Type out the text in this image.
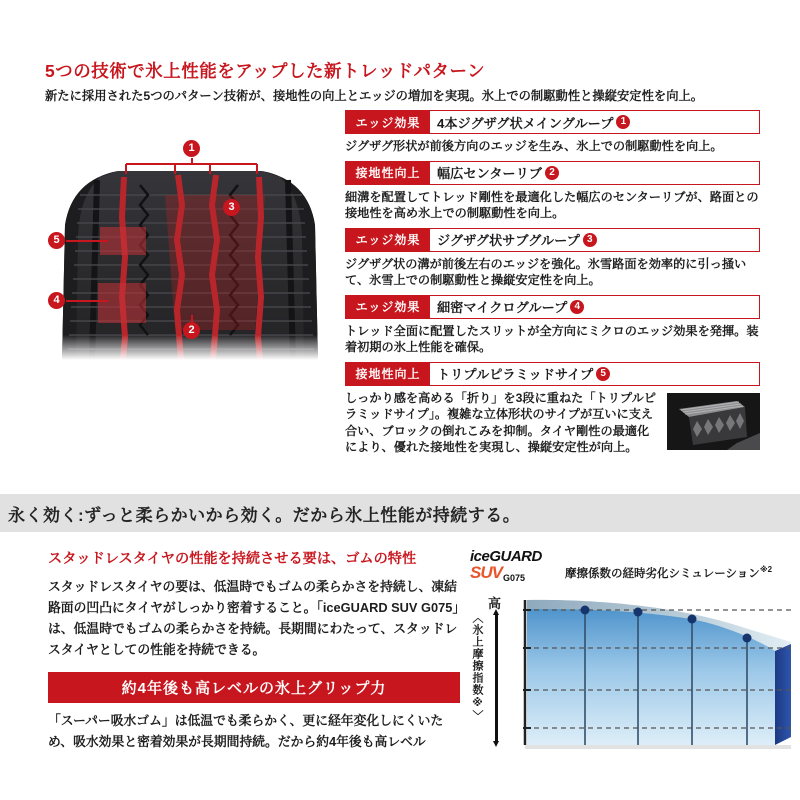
5つの技術で氷上性能をアップした新トレッドパターン
新たに採用された5つのパターン技術が、接地性の向上とエッジの増加を実現。氷上での制駆動性と操縦安定性を向上。
1
2
3
4
5
エッジ効果	4本ジグザグ状メイングループ 1
ジグザグ形状が前後方向のエッジを生み、氷上での制駆動性を向上。
接地性向上	幅広センターリブ 2
細溝を配置してトレッド剛性を最適化した幅広のセンターリブが、路面との接地性を高め氷上での制駆動性を向上。
エッジ効果	ジグザグ状サブグループ 3
ジグザグ状の溝が前後左右のエッジを強化。氷雪路面を効率的に引っ掻いて、氷雪上での制駆動性と操縦安定性を向上。
エッジ効果	細密マイクログループ 4
トレッド全面に配置したスリットが全方向にミクロのエッジ効果を発揮。装着初期の氷上性能を確保。
接地性向上	トリプルピラミッドサイプ 5
しっかり感を高める「折り」を3段に重ねた「トリプルピラミッドサイプ」。複雑な立体形状のサイプが互いに支え合い、ブロックの倒れこみを抑制。タイヤ剛性の最適化により、優れた接地性を実現し、操縦安定性が向上。
永く効く:ずっと柔らかいから効く。だから氷上性能が持続する。
スタッドレスタイヤの性能を持続させる要は、ゴムの特性
スタッドレスタイヤの要は、低温時でもゴムの柔らかさを持続し、凍結路面の凹凸にタイヤがしっかり密着すること。「iceGUARD SUV G075」は、低温時でもゴムの柔らかさを持続。長期間にわたって、スタッドレスタイヤとしての性能を持続できる。
約4年後も高レベルの氷上グリップ力
「スーパー吸水ゴム」は低温でも柔らかく、更に経年変化しにくいため、吸水効果と密着効果が長期間持続。だから約4年後も高レベル
iceGUARD
SUV G075	摩擦係数の経時劣化シミュレーション$^{※2}$
高
〈氷上摩擦指数※〉
